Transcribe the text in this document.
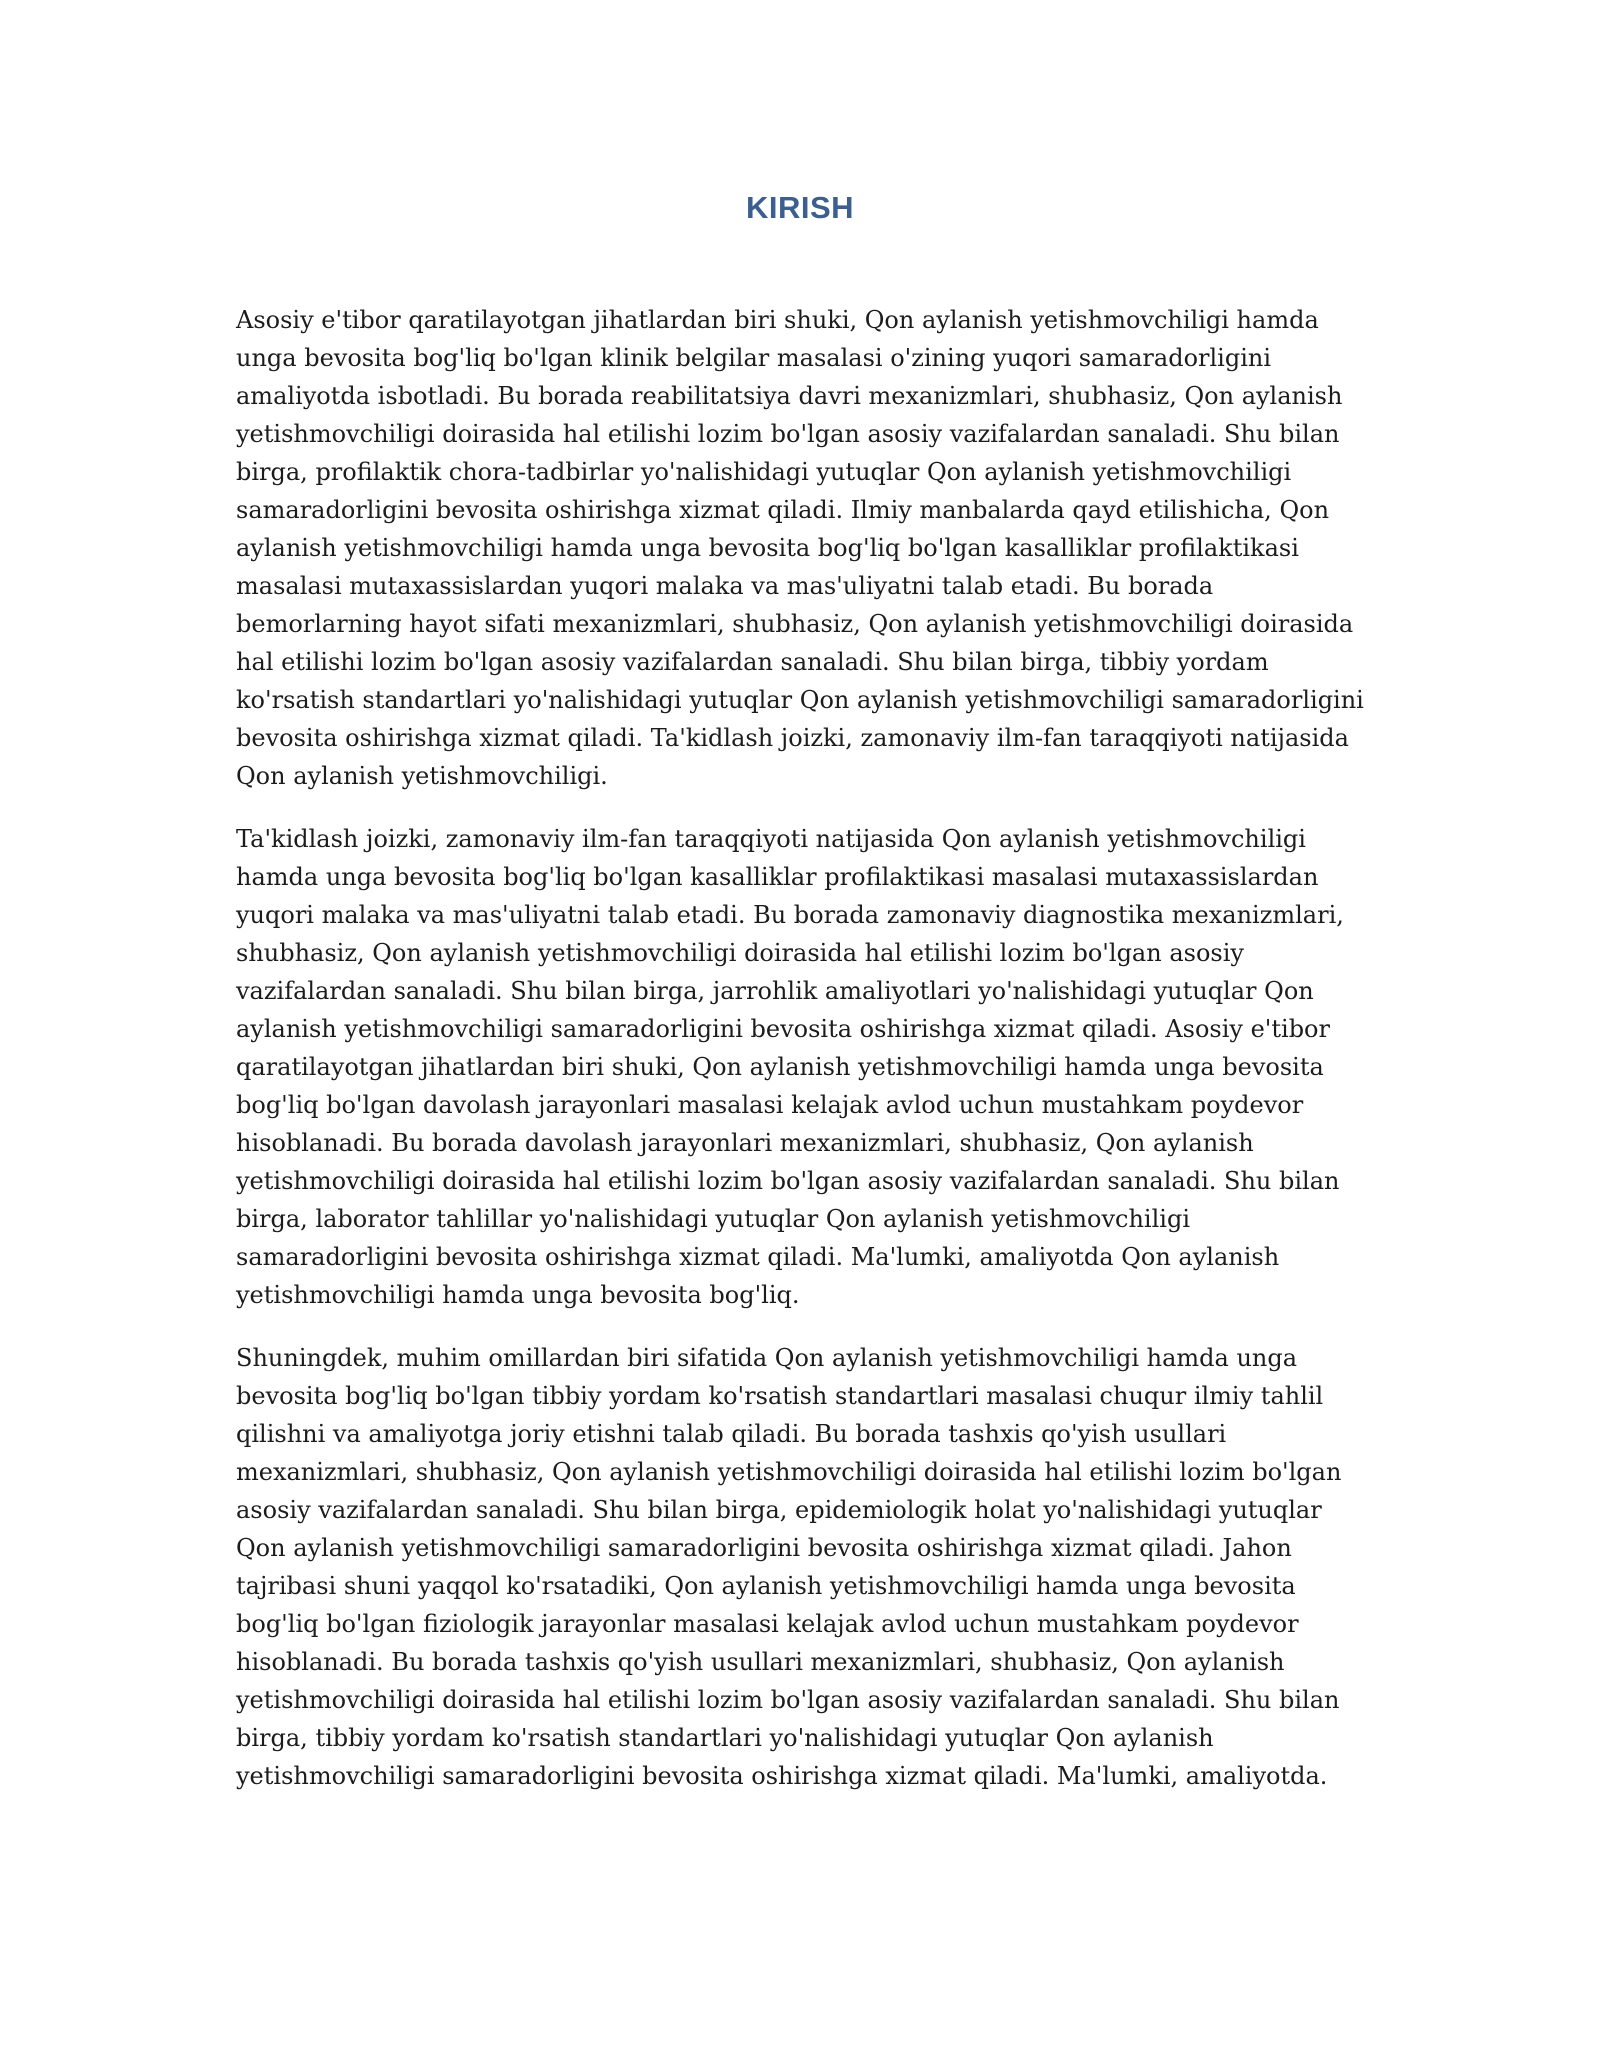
KIRISH

Asosiy e'tibor qaratilayotgan jihatlardan biri shuki, Qon aylanish yetishmovchiligi hamda unga bevosita bog'liq bo'lgan klinik belgilar masalasi o'zining yuqori samaradorligini amaliyotda isbotladi. Bu borada reabilitatsiya davri mexanizmlari, shubhasiz, Qon aylanish yetishmovchiligi doirasida hal etilishi lozim bo'lgan asosiy vazifalardan sanaladi. Shu bilan birga, profilaktik chora-tadbirlar yo'nalishidagi yutuqlar Qon aylanish yetishmovchiligi samaradorligini bevosita oshirishga xizmat qiladi. Ilmiy manbalarda qayd etilishicha, Qon aylanish yetishmovchiligi hamda unga bevosita bog'liq bo'lgan kasalliklar profilaktikasi masalasi mutaxassislardan yuqori malaka va mas'uliyatni talab etadi. Bu borada bemorlarning hayot sifati mexanizmlari, shubhasiz, Qon aylanish yetishmovchiligi doirasida hal etilishi lozim bo'lgan asosiy vazifalardan sanaladi. Shu bilan birga, tibbiy yordam ko'rsatish standartlari yo'nalishidagi yutuqlar Qon aylanish yetishmovchiligi samaradorligini bevosita oshirishga xizmat qiladi. Ta'kidlash joizki, zamonaviy ilm-fan taraqqiyoti natijasida Qon aylanish yetishmovchiligi.

Ta'kidlash joizki, zamonaviy ilm-fan taraqqiyoti natijasida Qon aylanish yetishmovchiligi hamda unga bevosita bog'liq bo'lgan kasalliklar profilaktikasi masalasi mutaxassislardan yuqori malaka va mas'uliyatni talab etadi. Bu borada zamonaviy diagnostika mexanizmlari, shubhasiz, Qon aylanish yetishmovchiligi doirasida hal etilishi lozim bo'lgan asosiy vazifalardan sanaladi. Shu bilan birga, jarrohlik amaliyotlari yo'nalishidagi yutuqlar Qon aylanish yetishmovchiligi samaradorligini bevosita oshirishga xizmat qiladi. Asosiy e'tibor qaratilayotgan jihatlardan biri shuki, Qon aylanish yetishmovchiligi hamda unga bevosita bog'liq bo'lgan davolash jarayonlari masalasi kelajak avlod uchun mustahkam poydevor hisoblanadi. Bu borada davolash jarayonlari mexanizmlari, shubhasiz, Qon aylanish yetishmovchiligi doirasida hal etilishi lozim bo'lgan asosiy vazifalardan sanaladi. Shu bilan birga, laborator tahlillar yo'nalishidagi yutuqlar Qon aylanish yetishmovchiligi samaradorligini bevosita oshirishga xizmat qiladi. Ma'lumki, amaliyotda Qon aylanish yetishmovchiligi hamda unga bevosita bog'liq.

Shuningdek, muhim omillardan biri sifatida Qon aylanish yetishmovchiligi hamda unga bevosita bog'liq bo'lgan tibbiy yordam ko'rsatish standartlari masalasi chuqur ilmiy tahlil qilishni va amaliyotga joriy etishni talab qiladi. Bu borada tashxis qo'yish usullari mexanizmlari, shubhasiz, Qon aylanish yetishmovchiligi doirasida hal etilishi lozim bo'lgan asosiy vazifalardan sanaladi. Shu bilan birga, epidemiologik holat yo'nalishidagi yutuqlar Qon aylanish yetishmovchiligi samaradorligini bevosita oshirishga xizmat qiladi. Jahon tajribasi shuni yaqqol ko'rsatadiki, Qon aylanish yetishmovchiligi hamda unga bevosita bog'liq bo'lgan fiziologik jarayonlar masalasi kelajak avlod uchun mustahkam poydevor hisoblanadi. Bu borada tashxis qo'yish usullari mexanizmlari, shubhasiz, Qon aylanish yetishmovchiligi doirasida hal etilishi lozim bo'lgan asosiy vazifalardan sanaladi. Shu bilan birga, tibbiy yordam ko'rsatish standartlari yo'nalishidagi yutuqlar Qon aylanish yetishmovchiligi samaradorligini bevosita oshirishga xizmat qiladi. Ma'lumki, amaliyotda.
